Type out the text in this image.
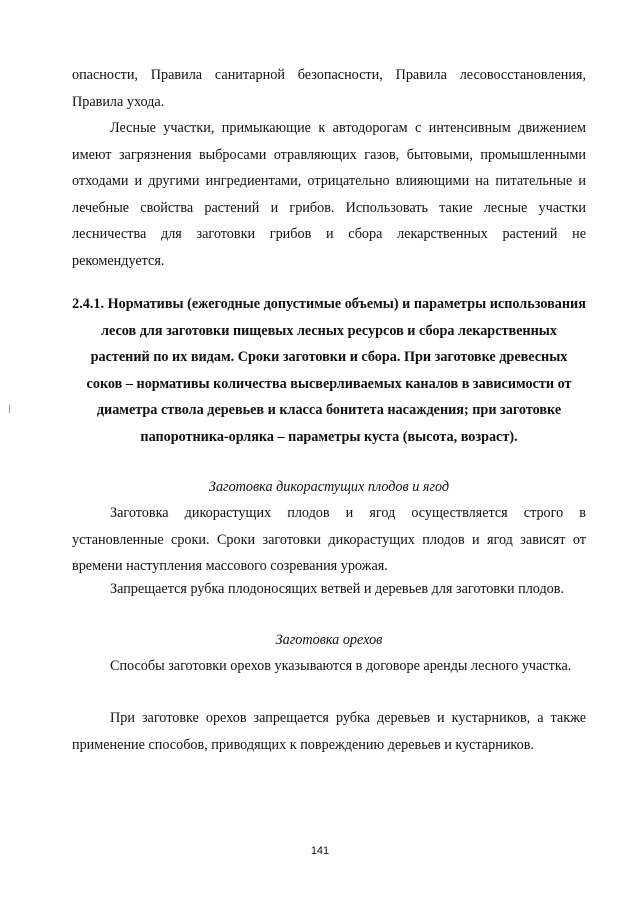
опасности, Правила санитарной безопасности, Правила лесовосстановления, Правила ухода.

Лесные участки, примыкающие к автодорогам с интенсивным движением имеют загрязнения выбросами отравляющих газов, бытовыми, промышленными отходами и другими ингредиентами, отрицательно влияющими на питательные и лечебные свойства растений и грибов. Использовать такие лесные участки лесничества для заготовки грибов и сбора лекарственных растений не рекомендуется.

2.4.1. Нормативы (ежегодные допустимые объемы) и параметры использования лесов для заготовки пищевых лесных ресурсов и сбора лекарственных растений по их видам. Сроки заготовки и сбора. При заготовке древесных соков – нормативы количества высверливаемых каналов в зависимости от диаметра ствола деревьев и класса бонитета насаждения; при заготовке папоротника-орляка – параметры куста (высота, возраст).

Заготовка дикорастущих плодов и ягод

Заготовка дикорастущих плодов и ягод осуществляется строго в установленные сроки. Сроки заготовки дикорастущих плодов и ягод зависят от времени наступления массового созревания урожая.

Запрещается рубка плодоносящих ветвей и деревьев для заготовки плодов.

Заготовка орехов

Способы заготовки орехов указываются в договоре аренды лесного участка.

При заготовке орехов запрещается рубка деревьев и кустарников, а также применение способов, приводящих к повреждению деревьев и кустарников.

141
